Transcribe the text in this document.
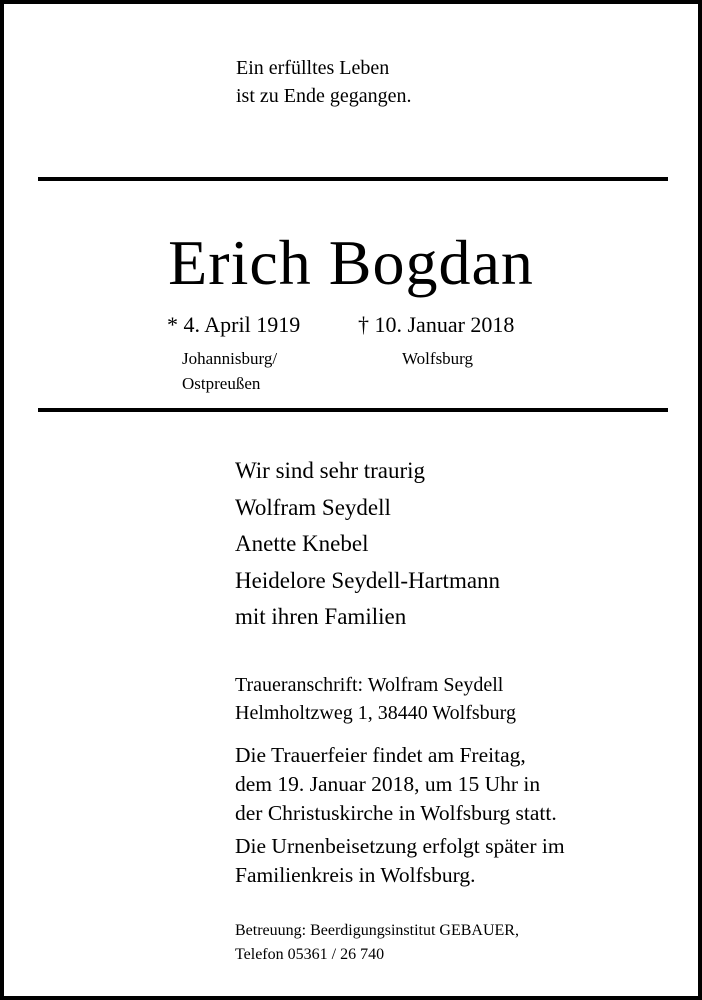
Ein erfülltes Leben
ist zu Ende gegangen.
Erich Bogdan
* 4. April 1919	† 10. Januar 2018
Johannisburg/
Ostpreußen
Wolfsburg
Wir sind sehr traurig
Wolfram Seydell
Anette Knebel
Heidelore Seydell-Hartmann
mit ihren Familien
Traueranschrift: Wolfram Seydell
Helmholtzweg 1, 38440 Wolfsburg

Die Trauerfeier findet am Freitag,
dem 19. Januar 2018, um 15 Uhr in
der Christuskirche in Wolfsburg statt.

Die Urnenbeisetzung erfolgt später im
Familienkreis in Wolfsburg.

Betreuung: Beerdigungsinstitut GEBAUER,
Telefon 05361 / 26 740
